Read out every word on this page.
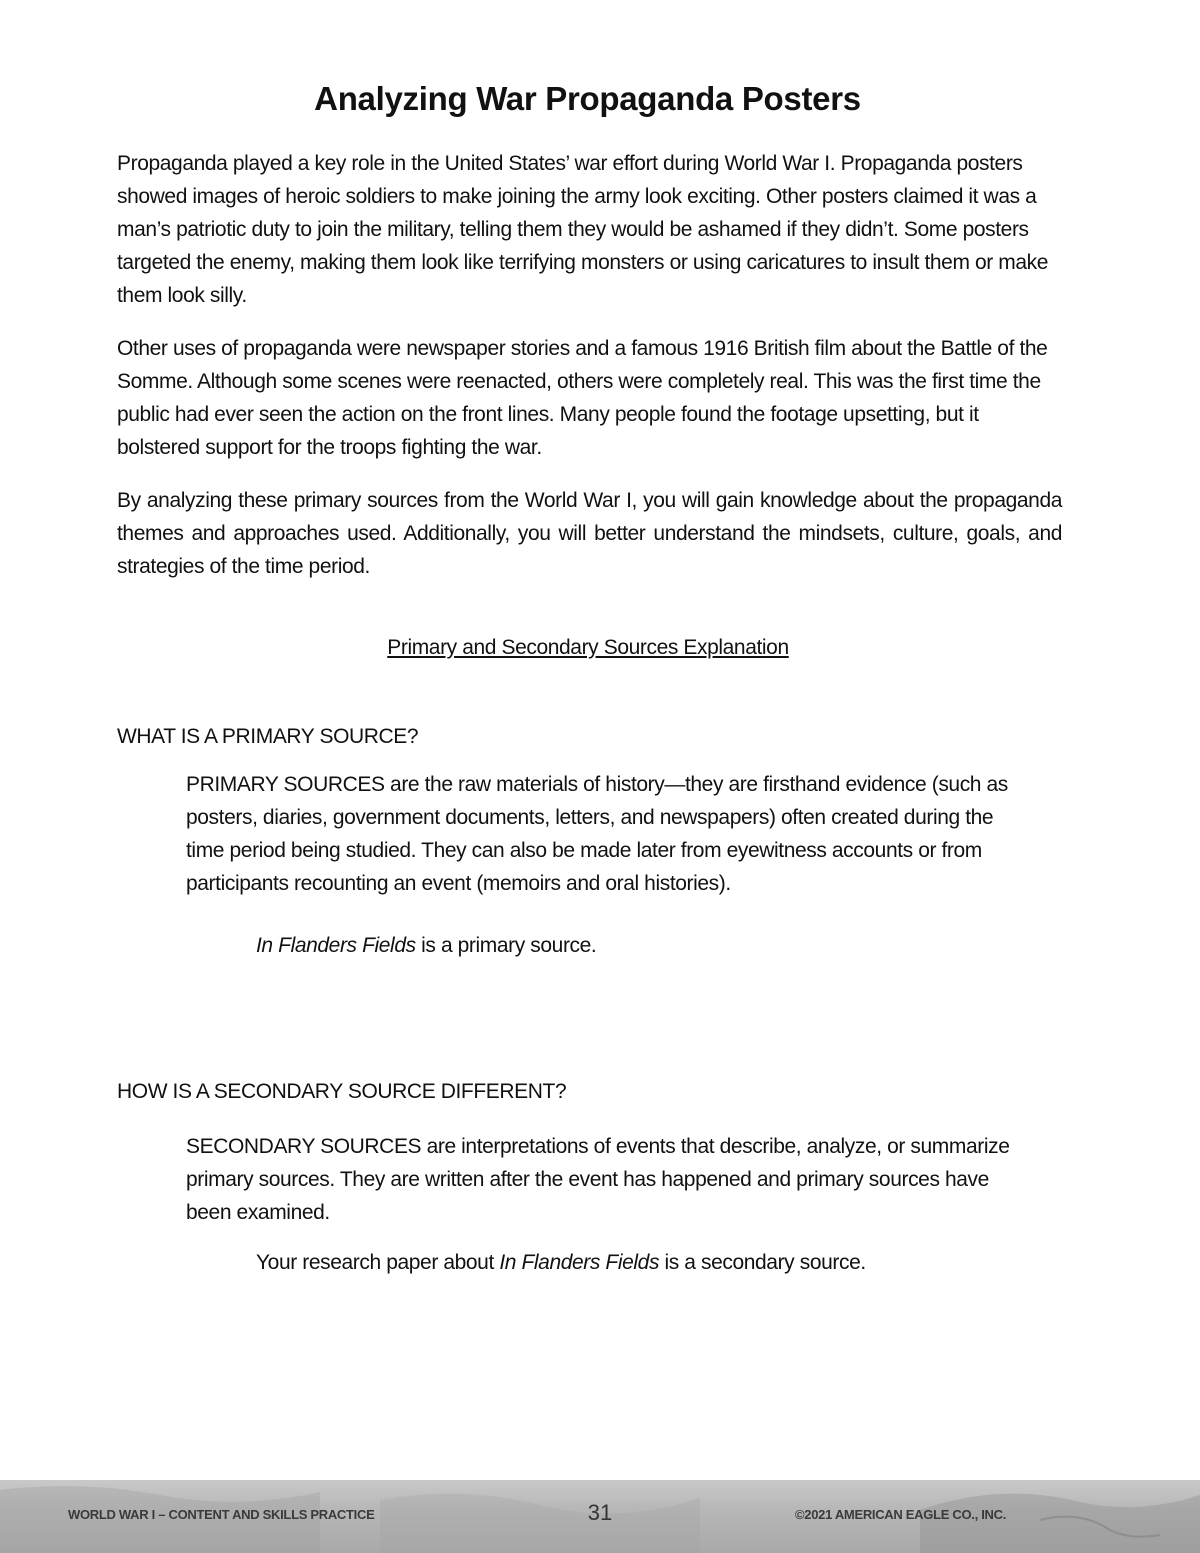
Analyzing War Propaganda Posters

Propaganda played a key role in the United States’ war effort during World War I. Propaganda posters showed images of heroic soldiers to make joining the army look exciting. Other posters claimed it was a man’s patriotic duty to join the military, telling them they would be ashamed if they didn’t. Some posters targeted the enemy, making them look like terrifying monsters or using caricatures to insult them or make them look silly.

Other uses of propaganda were newspaper stories and a famous 1916 British film about the Battle of the Somme. Although some scenes were reenacted, others were completely real. This was the first time the public had ever seen the action on the front lines. Many people found the footage upsetting, but it bolstered support for the troops fighting the war.

By analyzing these primary sources from the World War I, you will gain knowledge about the propaganda themes and approaches used. Additionally, you will better understand the mindsets, culture, goals, and strategies of the time period.

Primary and Secondary Sources Explanation

WHAT IS A PRIMARY SOURCE?

PRIMARY SOURCES are the raw materials of history—they are firsthand evidence (such as posters, diaries, government documents, letters, and newspapers) often created during the time period being studied. They can also be made later from eyewitness accounts or from participants recounting an event (memoirs and oral histories).

In Flanders Fields is a primary source.

HOW IS A SECONDARY SOURCE DIFFERENT?

SECONDARY SOURCES are interpretations of events that describe, analyze, or summarize primary sources. They are written after the event has happened and primary sources have been examined.

Your research paper about In Flanders Fields is a secondary source.

WORLD WAR I – CONTENT AND SKILLS PRACTICE	31	©2021 AMERICAN EAGLE CO., INC.
